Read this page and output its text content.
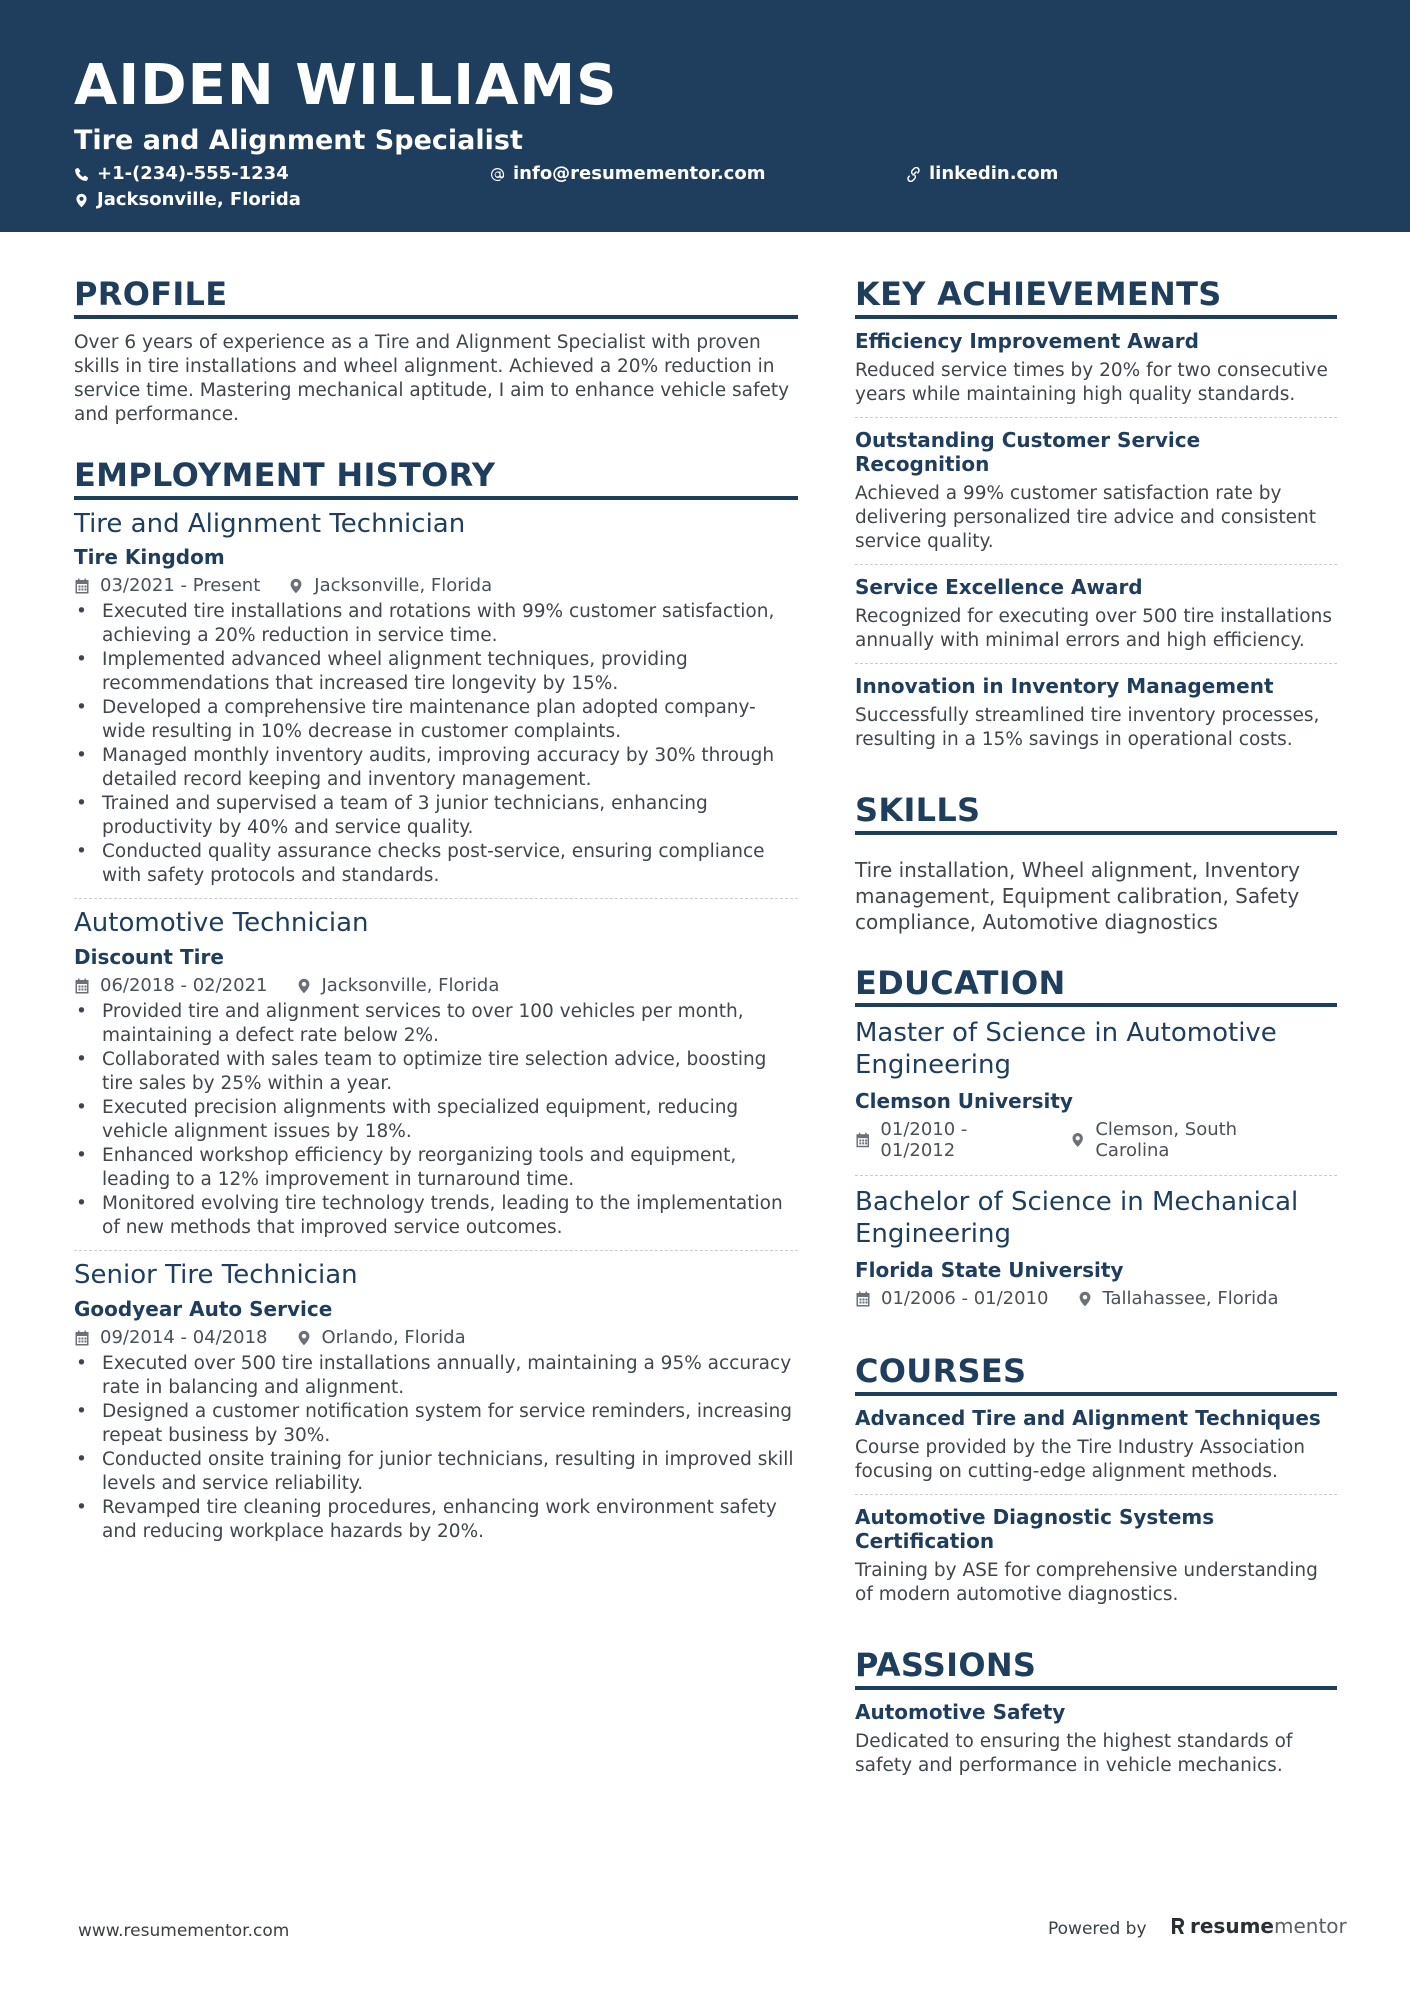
AIDEN WILLIAMS
Tire and Alignment Specialist
+1-(234)-555-1234	info@resumementor.com	linkedin.com
Jacksonville, Florida
PROFILE

Over 6 years of experience as a Tire and Alignment Specialist with proven skills in tire installations and wheel alignment. Achieved a 20% reduction in service time. Mastering mechanical aptitude, I aim to enhance vehicle safety and performance.

EMPLOYMENT HISTORY
Tire and Alignment Technician
Tire Kingdom
03/2021 - Present	Jacksonville, Florida
• Executed tire installations and rotations with 99% customer satisfaction, achieving a 20% reduction in service time.
• Implemented advanced wheel alignment techniques, providing recommendations that increased tire longevity by 15%.
• Developed a comprehensive tire maintenance plan adopted company-wide resulting in 10% decrease in customer complaints.
• Managed monthly inventory audits, improving accuracy by 30% through detailed record keeping and inventory management.
• Trained and supervised a team of 3 junior technicians, enhancing productivity by 40% and service quality.
• Conducted quality assurance checks post-service, ensuring compliance with safety protocols and standards.
Automotive Technician
Discount Tire
06/2018 - 02/2021	Jacksonville, Florida
• Provided tire and alignment services to over 100 vehicles per month, maintaining a defect rate below 2%.
• Collaborated with sales team to optimize tire selection advice, boosting tire sales by 25% within a year.
• Executed precision alignments with specialized equipment, reducing vehicle alignment issues by 18%.
• Enhanced workshop efficiency by reorganizing tools and equipment, leading to a 12% improvement in turnaround time.
• Monitored evolving tire technology trends, leading to the implementation of new methods that improved service outcomes.
Senior Tire Technician
Goodyear Auto Service
09/2014 - 04/2018	Orlando, Florida
• Executed over 500 tire installations annually, maintaining a 95% accuracy rate in balancing and alignment.
• Designed a customer notification system for service reminders, increasing repeat business by 30%.
• Conducted onsite training for junior technicians, resulting in improved skill levels and service reliability.
• Revamped tire cleaning procedures, enhancing work environment safety and reducing workplace hazards by 20%.
KEY ACHIEVEMENTS
Efficiency Improvement Award

Reduced service times by 20% for two consecutive years while maintaining high quality standards.

Outstanding Customer Service Recognition

Achieved a 99% customer satisfaction rate by delivering personalized tire advice and consistent service quality.

Service Excellence Award

Recognized for executing over 500 tire installations annually with minimal errors and high efficiency.

Innovation in Inventory Management

Successfully streamlined tire inventory processes, resulting in a 15% savings in operational costs.

SKILLS

Tire installation, Wheel alignment, Inventory management, Equipment calibration, Safety compliance, Automotive diagnostics

EDUCATION
Master of Science in Automotive Engineering
Clemson University
01/2010 - 01/2012
Clemson, South Carolina
Bachelor of Science in Mechanical Engineering
Florida State University
01/2006 - 01/2010	Tallahassee, Florida
COURSES
Advanced Tire and Alignment Techniques

Course provided by the Tire Industry Association focusing on cutting-edge alignment methods.

Automotive Diagnostic Systems Certification

Training by ASE for comprehensive understanding of modern automotive diagnostics.

PASSIONS
Automotive Safety

Dedicated to ensuring the highest standards of safety and performance in vehicle mechanics.

www.resumementor.com	Powered by resume mentor
